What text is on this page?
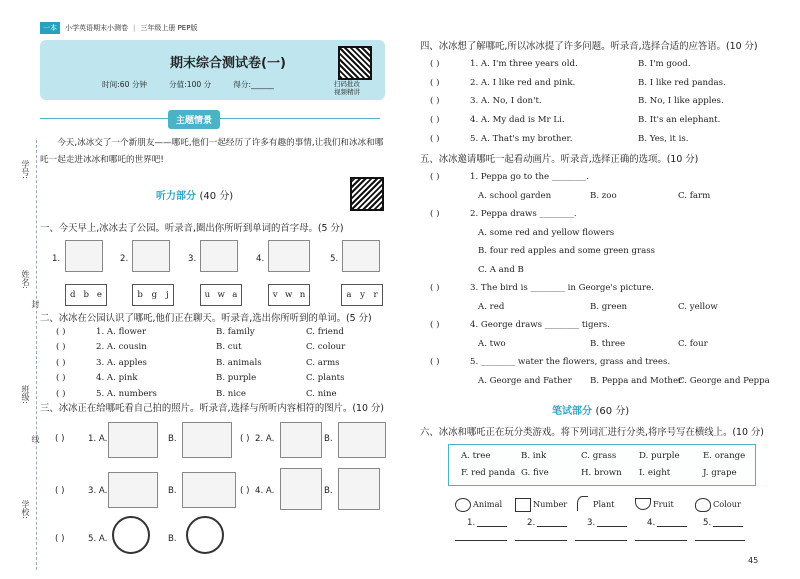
学号:
姓名:
封
班级:
线
学校:
一本	小学英语期末小测卷 | 三年级上册 PEP版
期末综合测试卷(一)
时间:60 分钟	分值:100 分	得分:______	扫码批改
视频精讲
主题情景
今天,冰冰交了一个新朋友——哪吒,他们一起经历了许多有趣的事情,让我们和冰冰和哪吒一起走进冰冰和哪吒的世界吧!
听力部分 (40 分)
一、今天早上,冰冰去了公园。听录音,圈出你所听到单词的首字母。(5 分)
1.	2.	3.	4.	5.
d b e	b g j	u w a	v w n	a y r
二、冰冰在公园认识了哪吒,他们正在聊天。听录音,选出你所听到的单词。(5 分)
( )	1. A. flower	B. family	C. friend
( )	2. A. cousin	B. cut	C. colour
( )	3. A. apples	B. animals	C. arms
( )	4. A. pink	B. purple	C. plants
( )	5. A. numbers	B. nice	C. nine
三、冰冰正在给哪吒看自己拍的照片。听录音,选择与所听内容相符的图片。(10 分)
( )	1. A.	B.	( ) 2. A.	B.
( )	3. A.	B.	( ) 4. A.	B.
( )	5. A.	B.
四、冰冰想了解哪吒,所以冰冰提了许多问题。听录音,选择合适的应答语。(10 分)
( )	1. A. I'm three years old.	B. I'm good.
( )	2. A. I like red and pink.	B. I like red pandas.
( )	3. A. No, I don't.	B. No, I like apples.
( )	4. A. My dad is Mr Li.	B. It's an elephant.
( )	5. A. That's my brother.	B. Yes, it is.
五、冰冰邀请哪吒一起看动画片。听录音,选择正确的选项。(10 分)
( )	1. Peppa go to the ________.
A. school garden	B. zoo	C. farm
( )	2. Peppa draws ________.
A. some red and yellow flowers
B. four red apples and some green grass
C. A and B
( )	3. The bird is ________ in George's picture.
A. red	B. green	C. yellow
( )	4. George draws ________ tigers.
A. two	B. three	C. four
( )	5. ________ water the flowers, grass and trees.
A. George and Father B. Peppa and Mother
C. George and Peppa
笔试部分 (60 分)
六、冰冰和哪吒正在玩分类游戏。将下列词汇进行分类,将序号写在横线上。(10 分)
A. tree	B. ink	C. grass	D. purple	E. orange
F. red panda G. five	H. brown I. eight	J. grape
Animal
1.
Number
2.
Plant
3.
Fruit
4.
Colour
5.
45
